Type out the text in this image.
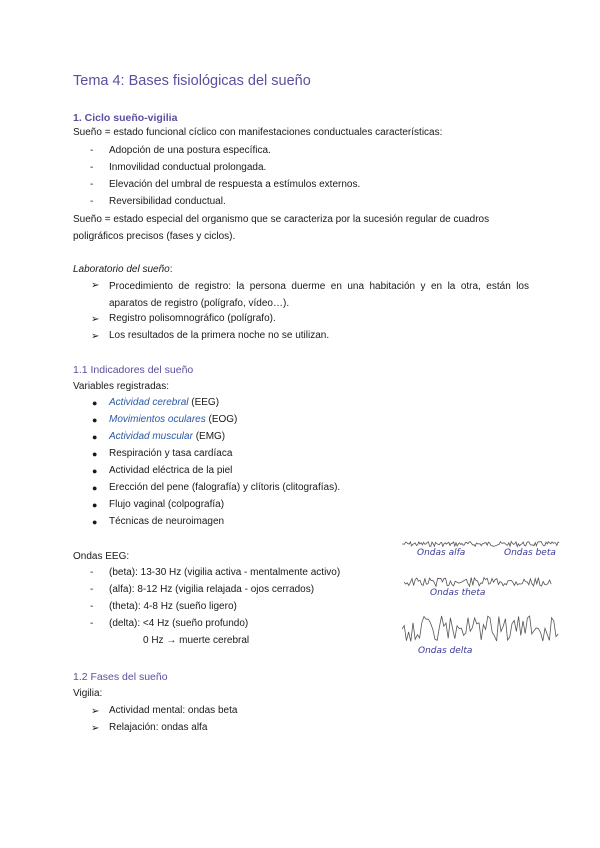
Tema 4: Bases fisiológicas del sueño
1. Ciclo sueño-vigilia
Sueño = estado funcional cíclico con manifestaciones conductuales características:
- Adopción de una postura específica.
- Inmovilidad conductual prolongada.
- Elevación del umbral de respuesta a estímulos externos.
- Reversibilidad conductual.
Sueño = estado especial del organismo que se caracteriza por la sucesión regular de cuadros
poligráficos precisos (fases y ciclos).
Laboratorio del sueño:
➢ Procedimiento de registro: la persona duerme en una habitación y en la otra, están los aparatos de registro (polígrafo, vídeo…).
➢ Registro polisomnográfico (polígrafo).
➢ Los resultados de la primera noche no se utilizan.
1.1 Indicadores del sueño
Variables registradas:
● Actividad cerebral (EEG)
● Movimientos oculares (EOG)
● Actividad muscular (EMG)
● Respiración y tasa cardíaca
● Actividad eléctrica de la piel
● Erección del pene (falografía) y clítoris (clitografías).
● Flujo vaginal (colpografía)
● Técnicas de neuroimagen
Ondas EEG:
- (beta): 13-30 Hz (vigilia activa - mentalmente activo)
- (alfa): 8-12 Hz (vigilia relajada - ojos cerrados)
- (theta): 4-8 Hz (sueño ligero)
- (delta): <4 Hz (sueño profundo)
0 Hz → muerte cerebral
Ondas alfa	Ondas beta
Ondas theta
Ondas delta
1.2 Fases del sueño
Vigilia:
➢ Actividad mental: ondas beta
➢ Relajación: ondas alfa
